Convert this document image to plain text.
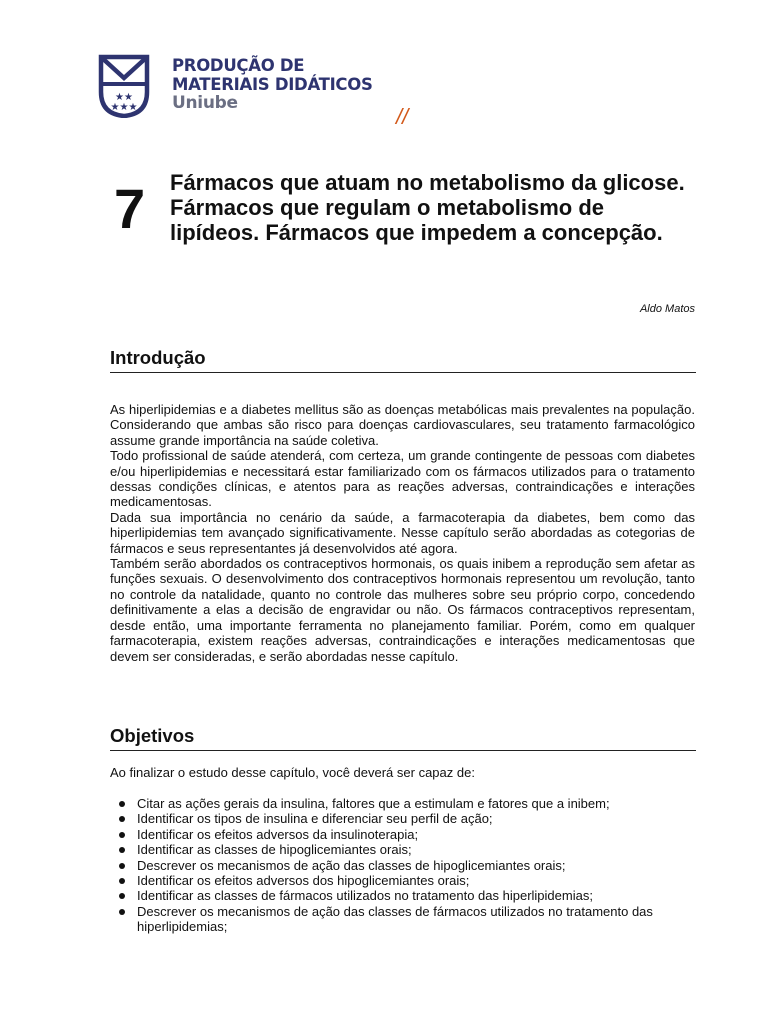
★★
★★★
PRODUÇÃO DE
MATERIAIS DIDÁTICOS
Uniube
//
7 Fármacos que atuam no metabolismo da glicose. Fármacos que regulam o metabolismo de lipídeos. Fármacos que impedem a concepção.
Aldo Matos
Introdução

As hiperlipidemias e a diabetes mellitus são as doenças metabólicas mais prevalentes na população. Considerando que ambas são risco para doenças cardiovasculares, seu tratamento farmacológico assume grande importância na saúde coletiva.

Todo profissional de saúde atenderá, com certeza, um grande contingente de pessoas com diabetes e/ou hiperlipidemias e necessitará estar familiarizado com os fármacos utilizados para o tratamento dessas condições clínicas, e atentos para as reações adversas, contraindicações e interações medicamentosas.

Dada sua importância no cenário da saúde, a farmacoterapia da diabetes, bem como das hiperlipidemias tem avançado significativamente. Nesse capítulo serão abordadas as cotegorias de fármacos e seus representantes já desenvolvidos até agora.

Também serão abordados os contraceptivos hormonais, os quais inibem a reprodução sem afetar as funções sexuais. O desenvolvimento dos contraceptivos hormonais representou um revolução, tanto no controle da natalidade, quanto no controle das mulheres sobre seu próprio corpo, concedendo definitivamente a elas a decisão de engravidar ou não. Os fármacos contraceptivos representam, desde então, uma importante ferramenta no planejamento familiar. Porém, como em qualquer farmacoterapia, existem reações adversas, contraindicações e interações medicamentosas que devem ser consideradas, e serão abordadas nesse capítulo.

Objetivos
Ao finalizar o estudo desse capítulo, você deverá ser capaz de:
Citar as ações gerais da insulina, faltores que a estimulam e fatores que a inibem;
Identificar os tipos de insulina e diferenciar seu perfil de ação;
Identificar os efeitos adversos da insulinoterapia;
Identificar as classes de hipoglicemiantes orais;
Descrever os mecanismos de ação das classes de hipoglicemiantes orais;
Identificar os efeitos adversos dos hipoglicemiantes orais;
Identificar as classes de fármacos utilizados no tratamento das hiperlipidemias;
Descrever os mecanismos de ação das classes de fármacos utilizados no tratamento das hiperlipidemias;
